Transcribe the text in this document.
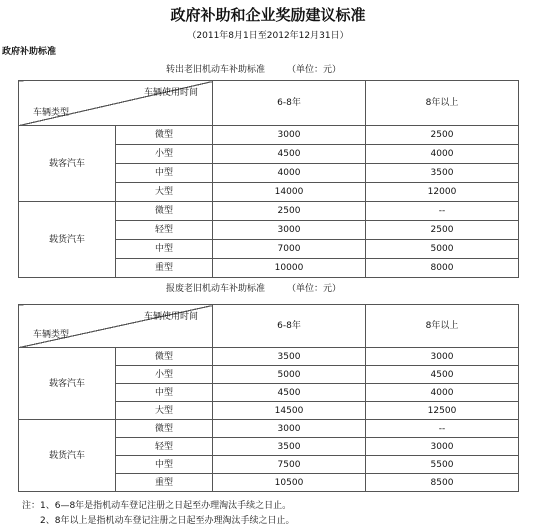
政府补助和企业奖励建议标准
（2011年8月1日至2012年12月31日）
政府补助标准
转出老旧机动车补助标准 （单位：元）
车辆使用时间
车辆类型		6-8年	8年以上
载客汽车	微型	3000	2500
	小型	4500	4000
	中型	4000	3500
	大型	14000	12000
载货汽车	微型	2500	--
	轻型	3000	2500
	中型	7000	5000
	重型	10000	8000
报废老旧机动车补助标准 （单位：元）
车辆使用时间
车辆类型		6-8年	8年以上
载客汽车	微型	3500	3000
	小型	5000	4500
	中型	4500	4000
	大型	14500	12500
载货汽车	微型	3000	--
	轻型	3500	3000
	中型	7500	5500
	重型	10500	8500
注：1、6—8年是指机动车登记注册之日起至办理淘汰手续之日止。
2、8年以上是指机动车登记注册之日起至办理淘汰手续之日止。
